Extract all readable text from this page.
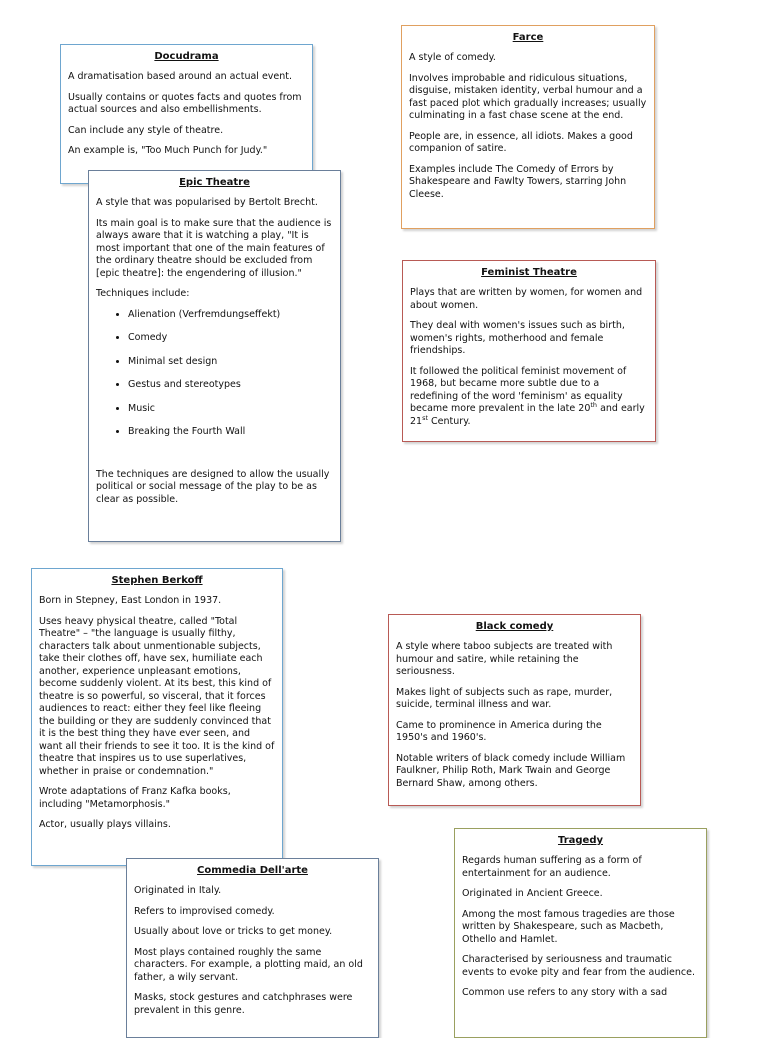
Docudrama

A dramatisation based around an actual event.

Usually contains or quotes facts and quotes from actual sources and also embellishments.

Can include any style of theatre.

An example is, "Too Much Punch for Judy."

Epic Theatre

A style that was popularised by Bertolt Brecht.

Its main goal is to make sure that the audience is always aware that it is watching a play, "It is most important that one of the main features of the ordinary theatre should be excluded from [epic theatre]: the engendering of illusion."

Techniques include:

• Alienation (Verfremdungseffekt)
• Comedy
• Minimal set design
• Gestus and stereotypes
• Music
• Breaking the Fourth Wall

The techniques are designed to allow the usually political or social message of the play to be as clear as possible.

Farce

A style of comedy.

Involves improbable and ridiculous situations, disguise, mistaken identity, verbal humour and a fast paced plot which gradually increases; usually culminating in a fast chase scene at the end.

People are, in essence, all idiots. Makes a good companion of satire.

Examples include The Comedy of Errors by Shakespeare and Fawlty Towers, starring John Cleese.

Feminist Theatre

Plays that are written by women, for women and about women.

They deal with women's issues such as birth, women's rights, motherhood and female friendships.

It followed the political feminist movement of 1968, but became more subtle due to a redefining of the word 'feminism' as equality became more prevalent in the late 20th and early 21st Century.

Stephen Berkoff

Born in Stepney, East London in 1937.

Uses heavy physical theatre, called "Total Theatre" – "the language is usually filthy, characters talk about unmentionable subjects, take their clothes off, have sex, humiliate each another, experience unpleasant emotions, become suddenly violent. At its best, this kind of theatre is so powerful, so visceral, that it forces audiences to react: either they feel like fleeing the building or they are suddenly convinced that it is the best thing they have ever seen, and want all their friends to see it too. It is the kind of theatre that inspires us to use superlatives, whether in praise or condemnation."

Wrote adaptations of Franz Kafka books, including "Metamorphosis."

Actor, usually plays villains.

Commedia Dell'arte

Originated in Italy.

Refers to improvised comedy.

Usually about love or tricks to get money.

Most plays contained roughly the same characters. For example, a plotting maid, an old father, a wily servant.

Masks, stock gestures and catchphrases were prevalent in this genre.

Black comedy

A style where taboo subjects are treated with humour and satire, while retaining the seriousness.

Makes light of subjects such as rape, murder, suicide, terminal illness and war.

Came to prominence in America during the 1950's and 1960's.

Notable writers of black comedy include William Faulkner, Philip Roth, Mark Twain and George Bernard Shaw, among others.

Tragedy

Regards human suffering as a form of entertainment for an audience.

Originated in Ancient Greece.

Among the most famous tragedies are those written by Shakespeare, such as Macbeth, Othello and Hamlet.

Characterised by seriousness and traumatic events to evoke pity and fear from the audience.

Common use refers to any story with a sad
